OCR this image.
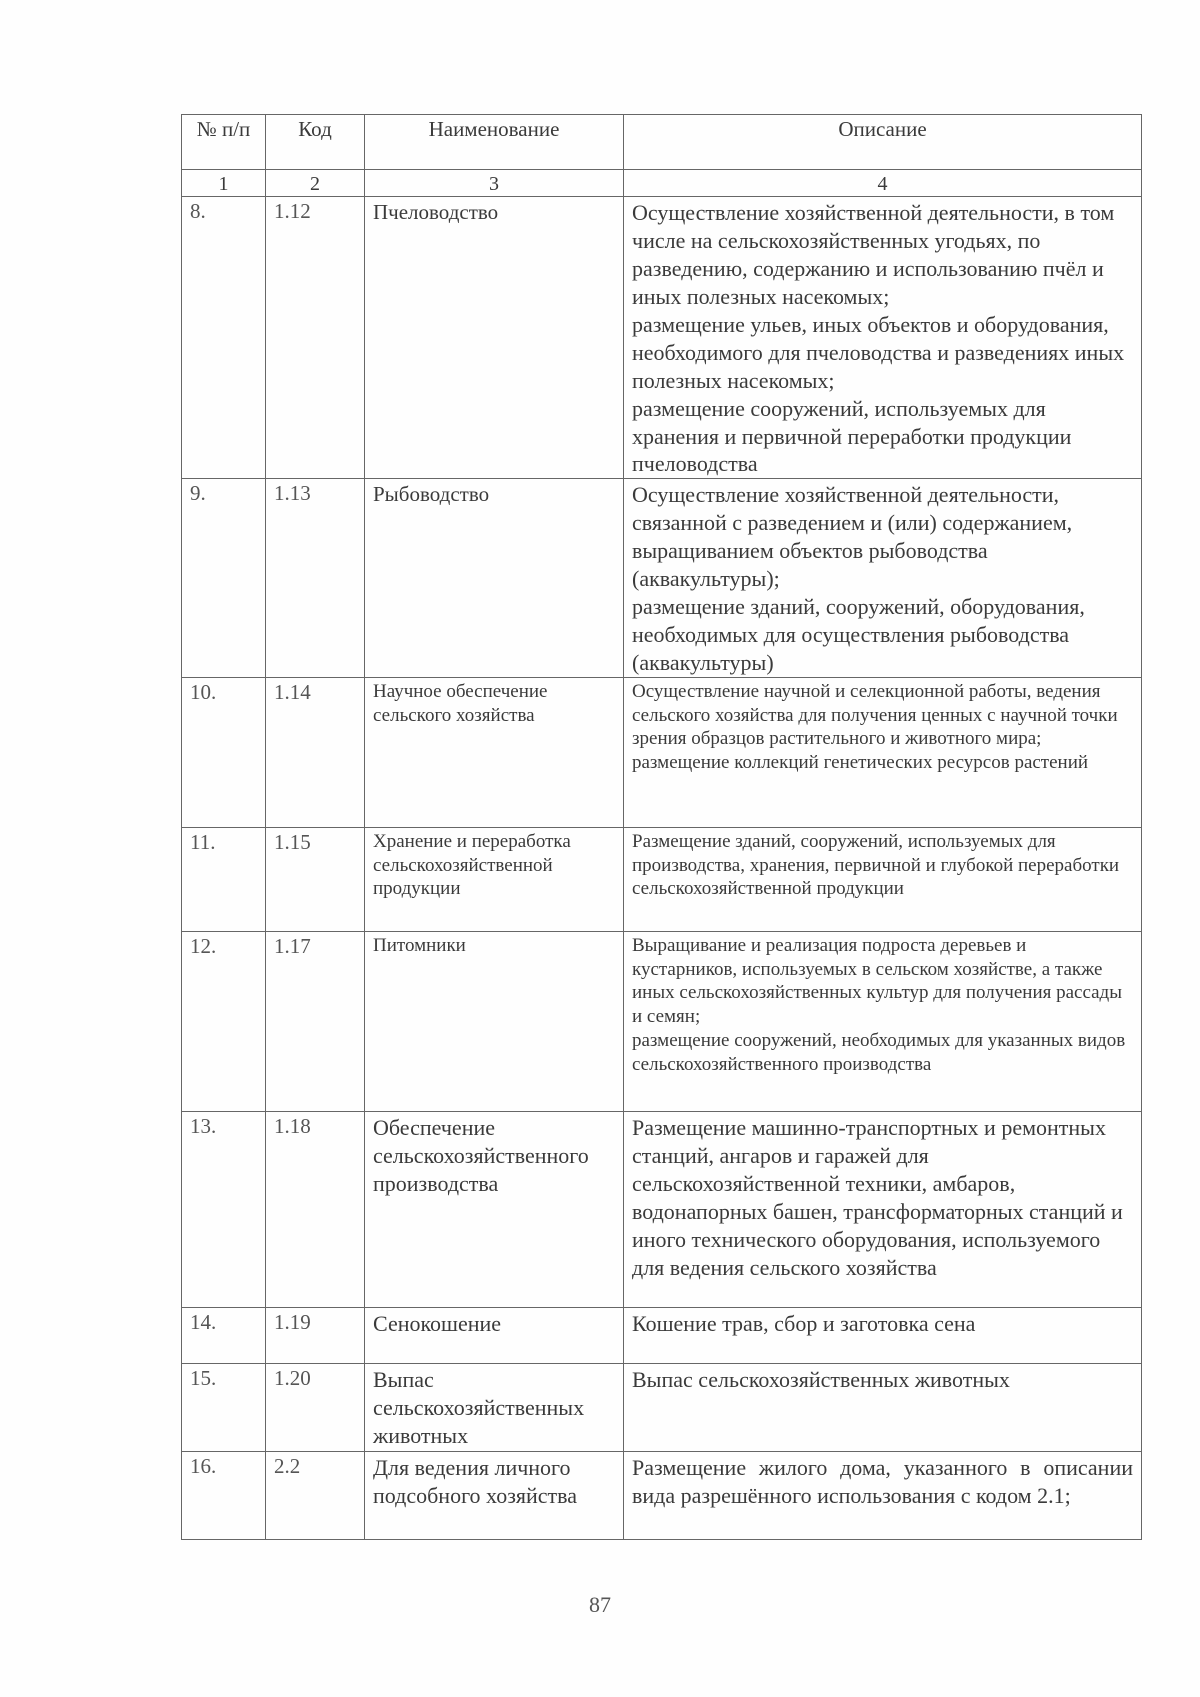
№ п/п	Код	Наименование	Описание
1	2	3	4
8.	1.12	Пчеловодство	Осуществление хозяйственной деятельности, в том числе на сельскохозяйственных угодьях, по разведению, содержанию и использованию пчёл и иных полезных насекомых;
размещение ульев, иных объектов и оборудования, необходимого для пчеловодства и разведениях иных полезных насекомых;
размещение сооружений, используемых для хранения и первичной переработки продукции пчеловодства

9.	1.13	Рыбоводство	Осуществление хозяйственной деятельности, связанной с разведением и (или) содержанием, выращиванием объектов рыбоводства (аквакультуры);
размещение зданий, сооружений, оборудования, необходимых для осуществления рыбоводства (аквакультуры)

10.	1.14	Научное обеспечение сельского хозяйства	Осуществление научной и селекционной работы, ведения сельского хозяйства для получения ценных с научной точки зрения образцов растительного и животного мира;
размещение коллекций генетических ресурсов растений

11.	1.15	Хранение и переработка сельскохозяйственной продукции	Размещение зданий, сооружений, используемых для производства, хранения, первичной и глубокой переработки сельскохозяйственной продукции

12.	1.17	Питомники	Выращивание и реализация подроста деревьев и кустарников, используемых в сельском хозяйстве, а также иных сельскохозяйственных культур для получения рассады и семян;
размещение сооружений, необходимых для указанных видов сельскохозяйственного производства

13.	1.18	Обеспечение сельскохозяйственного производства	Размещение машинно-транспортных и ремонтных станций, ангаров и гаражей для сельскохозяйственной техники, амбаров, водонапорных башен, трансформаторных станций и иного технического оборудования, используемого для ведения сельского хозяйства

14.	1.19	Сенокошение	Кошение трав, сбор и заготовка сена

15.	1.20	Выпас сельскохозяйственных животных	Выпас сельскохозяйственных животных

16.	2.2	Для ведения личного подсобного хозяйства	Размещение жилого дома, указанного в описании вида разрешённого использования с кодом 2.1;
87
